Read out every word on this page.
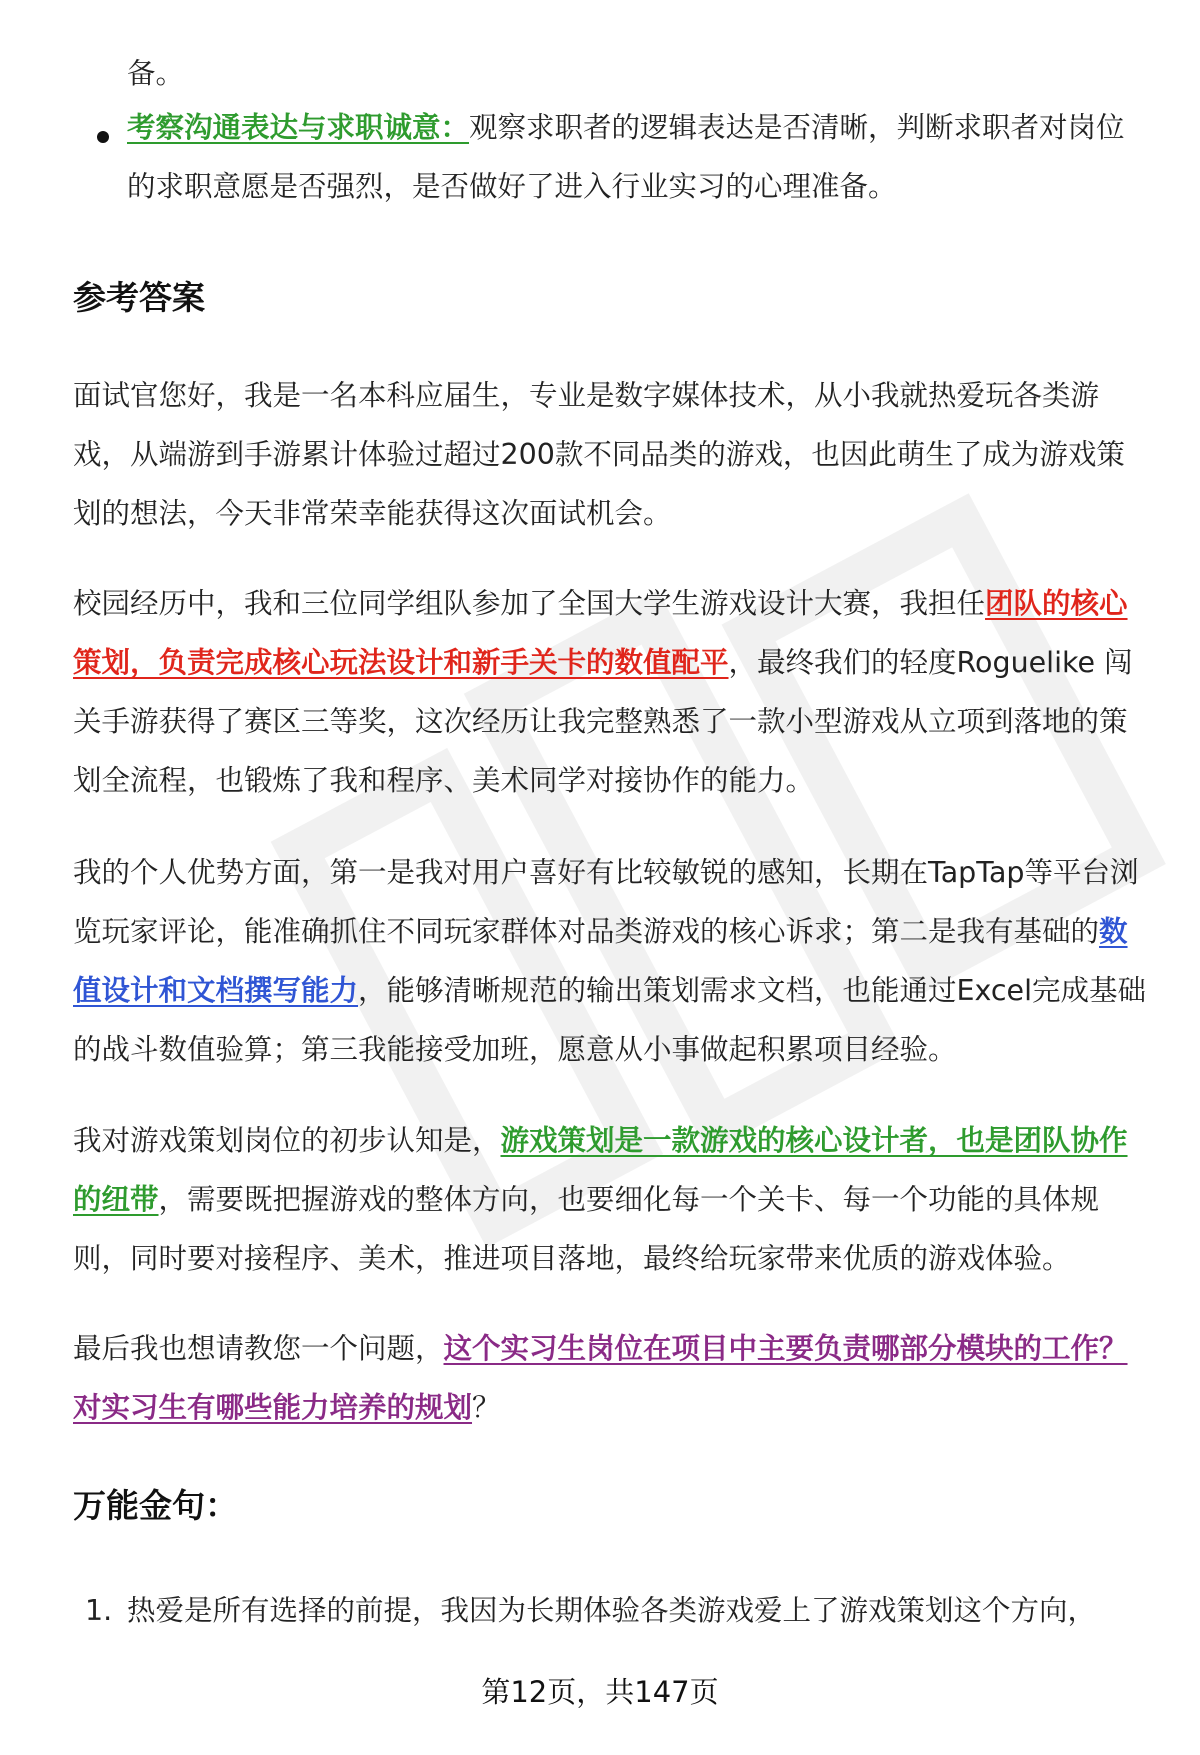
备。

考察沟通表达与求职诚意：观察求职者的逻辑表达是否清晰，判断求职者对岗位的求职意愿是否强烈，是否做好了进入行业实习的心理准备。

参考答案

面试官您好，我是一名本科应届生，专业是数字媒体技术，从小我就热爱玩各类游戏，从端游到手游累计体验过超过200款不同品类的游戏，也因此萌生了成为游戏策划的想法，今天非常荣幸能获得这次面试机会。

校园经历中，我和三位同学组队参加了全国大学生游戏设计大赛，我担任团队的核心策划，负责完成核心玩法设计和新手关卡的数值配平，最终我们的轻度Roguelike 闯关手游获得了赛区三等奖，这次经历让我完整熟悉了一款小型游戏从立项到落地的策划全流程，也锻炼了我和程序、美术同学对接协作的能力。

我的个人优势方面，第一是我对用户喜好有比较敏锐的感知，长期在TapTap等平台浏览玩家评论，能准确抓住不同玩家群体对品类游戏的核心诉求；第二是我有基础的数值设计和文档撰写能力，能够清晰规范的输出策划需求文档，也能通过Excel完成基础的战斗数值验算；第三我能接受加班，愿意从小事做起积累项目经验。

我对游戏策划岗位的初步认知是，游戏策划是一款游戏的核心设计者，也是团队协作的纽带，需要既把握游戏的整体方向，也要细化每一个关卡、每一个功能的具体规则，同时要对接程序、美术，推进项目落地，最终给玩家带来优质的游戏体验。

最后我也想请教您一个问题，这个实习生岗位在项目中主要负责哪部分模块的工作？对实习生有哪些能力培养的规划？

万能金句：
1. 热爱是所有选择的前提，我因为长期体验各类游戏爱上了游戏策划这个方向，

第12页，共147页
